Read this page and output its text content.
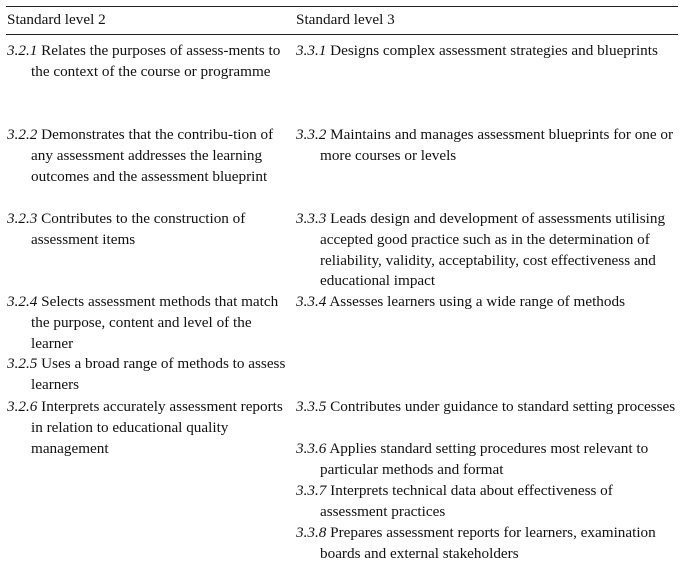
Standard level 2	Standard level 3
3.2.1 Relates the purposes of assess-ments to the context of the course or programme
3.2.2 Demonstrates that the contribu-tion of any assessment addresses the learning outcomes and the assessment blueprint
3.2.3 Contributes to the construction of assessment items
3.2.4 Selects assessment methods that match the purpose, content and level of the learner
3.2.5 Uses a broad range of methods to assess learners
3.2.6 Interprets accurately assessment reports in relation to educational quality management
3.3.1 Designs complex assessment strategies and blueprints
3.3.2 Maintains and manages assessment blueprints for one or more courses or levels
3.3.3 Leads design and development of assessments utilising accepted good practice such as in the determination of reliability, validity, acceptability, cost effectiveness and educational impact
3.3.4 Assesses learners using a wide range of methods
3.3.5 Contributes under guidance to standard setting processes
3.3.6 Applies standard setting procedures most relevant to particular methods and format
3.3.7 Interprets technical data about effectiveness of assessment practices
3.3.8 Prepares assessment reports for learners, examination boards and external stakeholders
